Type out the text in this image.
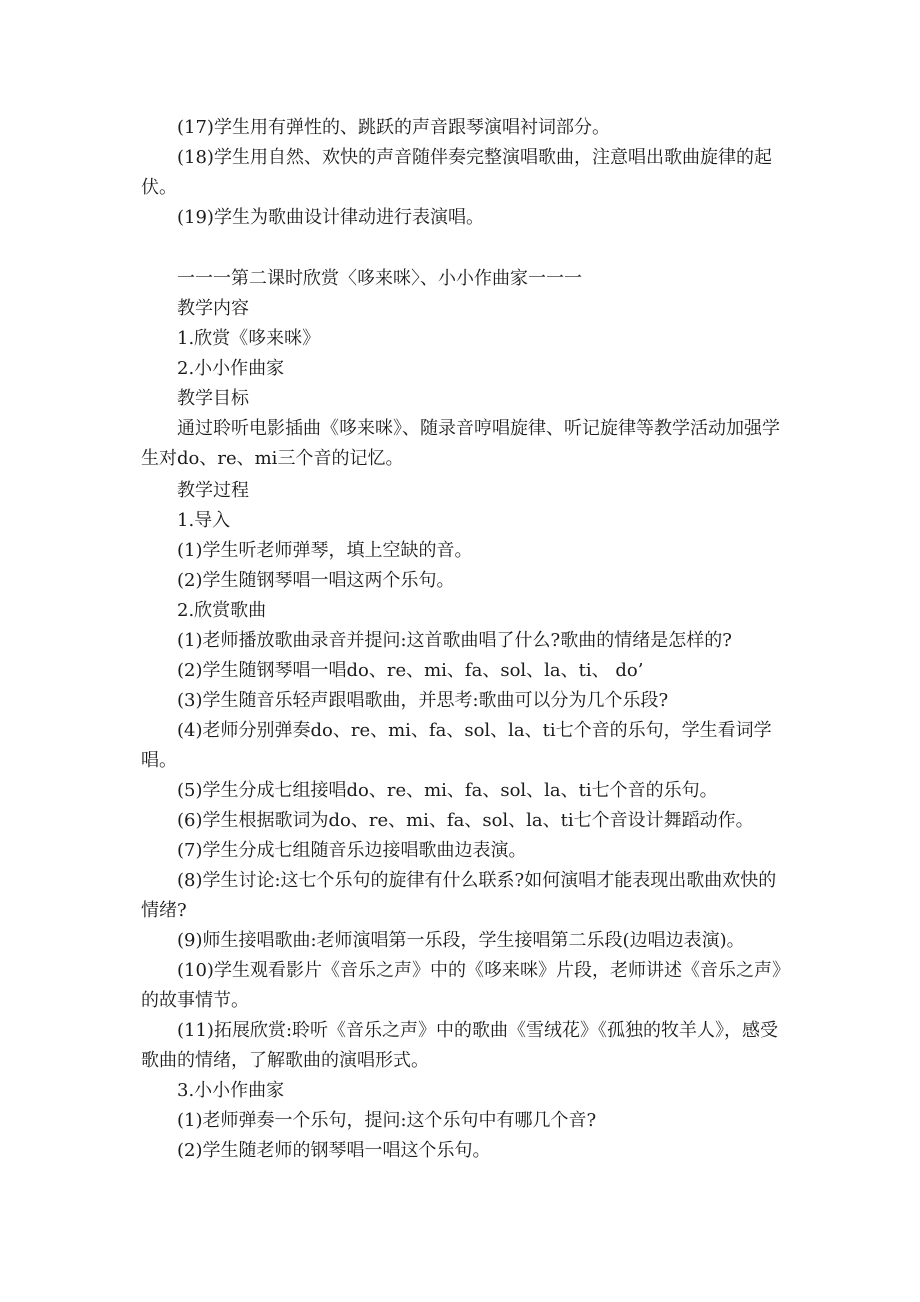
(17)学生用有弹性的、跳跃的声音跟琴演唱衬词部分。

(18)学生用自然、欢快的声音随伴奏完整演唱歌曲，注意唱出歌曲旋律的起伏。

(19)学生为歌曲设计律动进行表演唱。

一一一第二课时欣赏〈哆来咪〉、小小作曲家一一一

教学内容

1.欣赏《哆来咪》

2.小小作曲家

教学目标

通过聆听电影插曲《哆来咪》、随录音哼唱旋律、听记旋律等教学活动加强学生对do、re、mi三个音的记忆。

教学过程

1.导入

(1)学生听老师弹琴，填上空缺的音。

(2)学生随钢琴唱一唱这两个乐句。

2.欣赏歌曲

(1)老师播放歌曲录音并提问:这首歌曲唱了什么?歌曲的情绪是怎样的?

(2)学生随钢琴唱一唱do、re、mi、fa、sol、la、ti、 do’

(3)学生随音乐轻声跟唱歌曲，并思考:歌曲可以分为几个乐段?

(4)老师分别弹奏do、re、mi、fa、sol、la、ti七个音的乐句，学生看词学唱。

(5)学生分成七组接唱do、re、mi、fa、sol、la、ti七个音的乐句。

(6)学生根据歌词为do、re、mi、fa、sol、la、ti七个音设计舞蹈动作。

(7)学生分成七组随音乐边接唱歌曲边表演。

(8)学生讨论:这七个乐句的旋律有什么联系?如何演唱才能表现出歌曲欢快的情绪?

(9)师生接唱歌曲:老师演唱第一乐段，学生接唱第二乐段(边唱边表演)。

(10)学生观看影片《音乐之声》中的《哆来咪》片段，老师讲述《音乐之声》的故事情节。

(11)拓展欣赏:聆听《音乐之声》中的歌曲《雪绒花》《孤独的牧羊人》，感受歌曲的情绪，了解歌曲的演唱形式。

3.小小作曲家

(1)老师弹奏一个乐句，提问:这个乐句中有哪几个音?

(2)学生随老师的钢琴唱一唱这个乐句。
